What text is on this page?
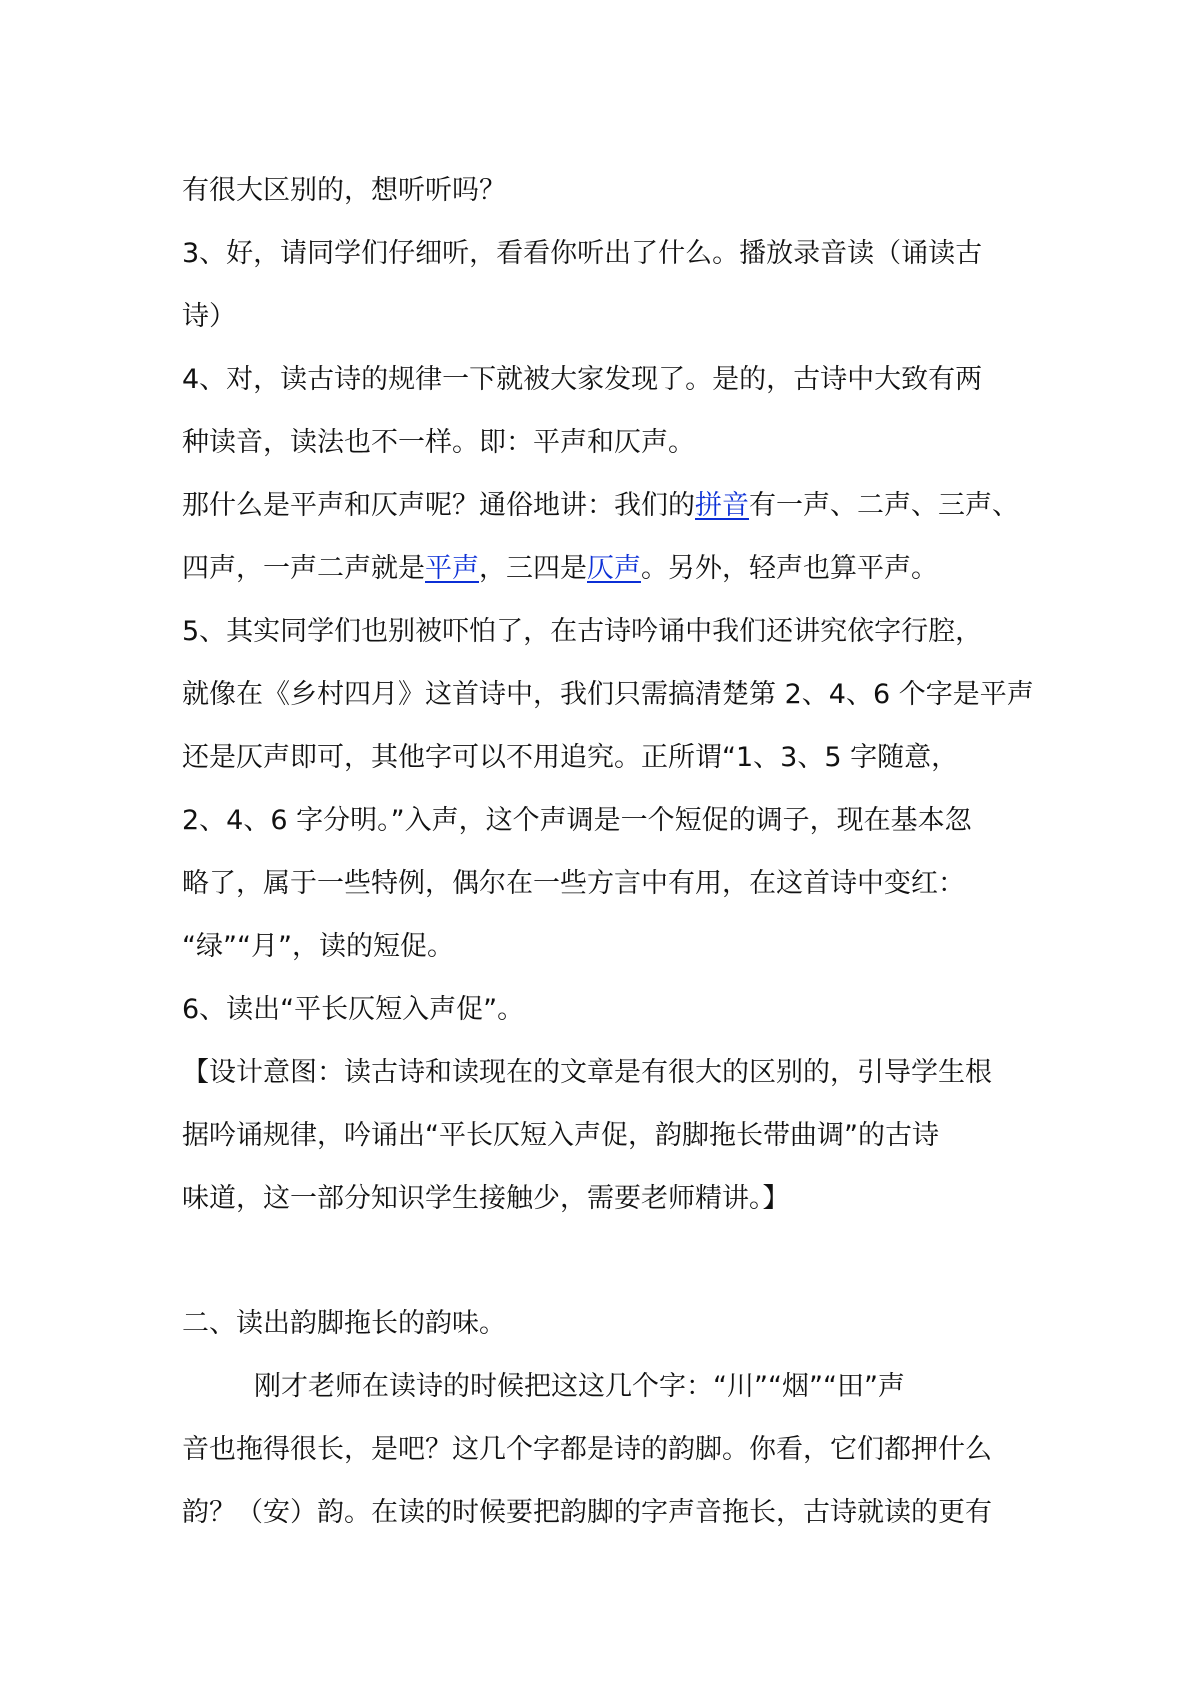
有很大区别的，想听听吗？
3、好，请同学们仔细听，看看你听出了什么。播放录音读（诵读古
诗）
4、对，读古诗的规律一下就被大家发现了。是的，古诗中大致有两
种读音，读法也不一样。即：平声和仄声。
那什么是平声和仄声呢？通俗地讲：我们的拼音有一声、二声、三声、
四声，一声二声就是平声，三四是仄声。另外，轻声也算平声。
5、其实同学们也别被吓怕了，在古诗吟诵中我们还讲究依字行腔，
就像在《乡村四月》这首诗中，我们只需搞清楚第 2、4、6 个字是平声
还是仄声即可，其他字可以不用追究。正所谓“1、3、5 字随意，
2、4、6 字分明。”入声，这个声调是一个短促的调子，现在基本忽
略了，属于一些特例，偶尔在一些方言中有用，在这首诗中变红：
“绿”“月”，读的短促。
6、读出“平长仄短入声促”。
【设计意图：读古诗和读现在的文章是有很大的区别的，引导学生根
据吟诵规律，吟诵出“平长仄短入声促，韵脚拖长带曲调”的古诗
味道，这一部分知识学生接触少，需要老师精讲。】
二、读出韵脚拖长的韵味。
刚才老师在读诗的时候把这这几个字：“川”“烟”“田”声
音也拖得很长，是吧？这几个字都是诗的韵脚。你看，它们都押什么
韵？（安）韵。在读的时候要把韵脚的字声音拖长，古诗就读的更有
